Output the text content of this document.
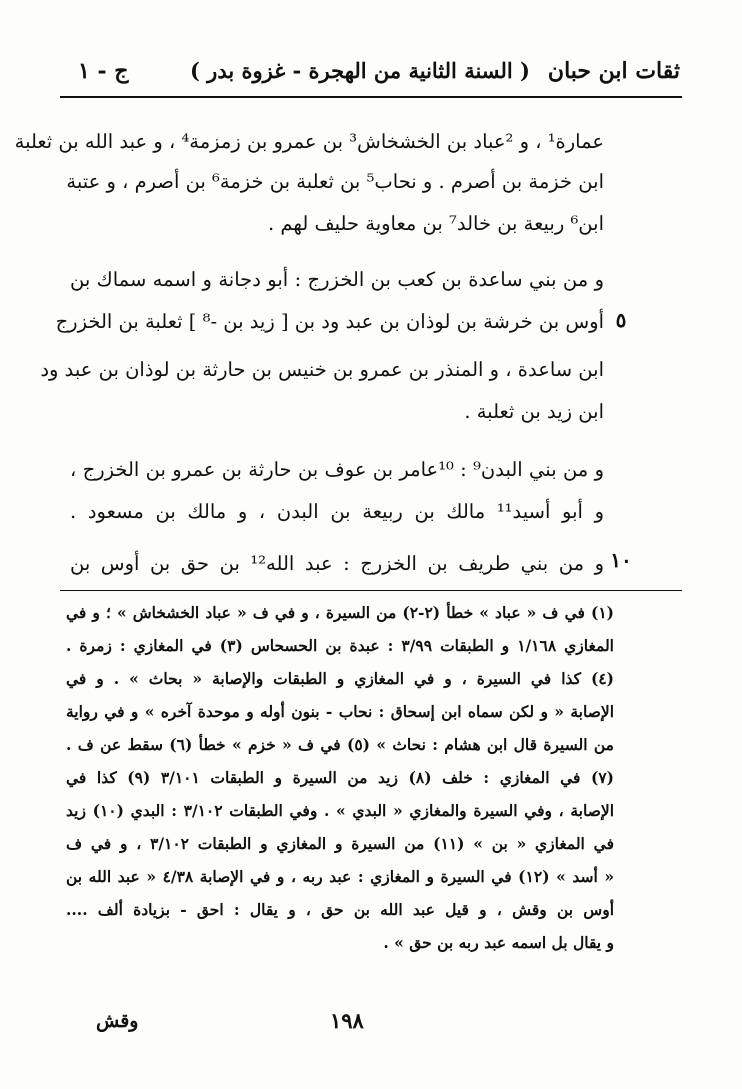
ثقات ابن حبان
( السنة الثانية من الهجرة - غزوة بدر )
ج - ١
عمارة¹ ، و ²عباد بن الخشخاش³ بن عمرو بن زمزمة⁴ ، و عبد الله بن ثعلبة
ابن خزمة بن أصرم . و نحاب⁵ بن ثعلبة بن خزمة⁶ بن أصرم ، و عتبة
ابن⁶ ربيعة بن خالد⁷ بن معاوية حليف لهم .
و من بني ساعدة بن كعب بن الخزرج : أبو دجانة و اسمه سماك بن
٥
أوس بن خرشة بن لوذان بن عبد ود بن [ زيد بن -⁸ ] ثعلبة بن الخزرج
ابن ساعدة ، و المنذر بن عمرو بن خنيس بن حارثة بن لوذان بن عبد ود
ابن زيد بن ثعلبة .
و من بني البدن⁹ : ¹⁰عامر بن عوف بن حارثة بن عمرو بن الخزرج ،
و أبو أسيد¹¹ مالك بن ربيعة بن البدن ، و مالك بن مسعود .
١٠
و من بني طريف بن الخزرج : عبد الله¹² بن حق بن أوس بن
(١) في ف « عباد » خطأ (٢-٢) من السيرة ، و في ف « عباد الخشخاش » ؛ و في
المغازي ١/١٦٨ و الطبقات ٣/٩٩ : عبدة بن الحسحاس (٣) في المغازي : زمرة .
(٤) كذا في السيرة ، و في المغازي و الطبقات والإصابة « بحاث » . و في
الإصابة « و لكن سماه ابن إسحاق : نحاب - بنون أوله و موحدة آخره » و في رواية
من السيرة قال ابن هشام : نحاث » (٥) في ف « خزم » خطأ (٦) سقط عن ف .
(٧) في المغازي : خلف (٨) زيد من السيرة و الطبقات ٣/١٠١ (٩) كذا في
الإصابة ، وفي السيرة والمغازي « البدي » . وفي الطبقات ٣/١٠٢ : البدي (١٠) زيد
في المغازي « بن » (١١) من السيرة و المغازي و الطبقات ٣/١٠٢ ، و في ف
« أسد » (١٢) في السيرة و المغازي : عبد ربه ، و في الإصابة ٤/٣٨ « عبد الله بن
أوس بن وقش ، و قيل عبد الله بن حق ، و يقال : احق - بزيادة ألف ....
و يقال بل اسمه عبد ربه بن حق » .
١٩٨
وقش
